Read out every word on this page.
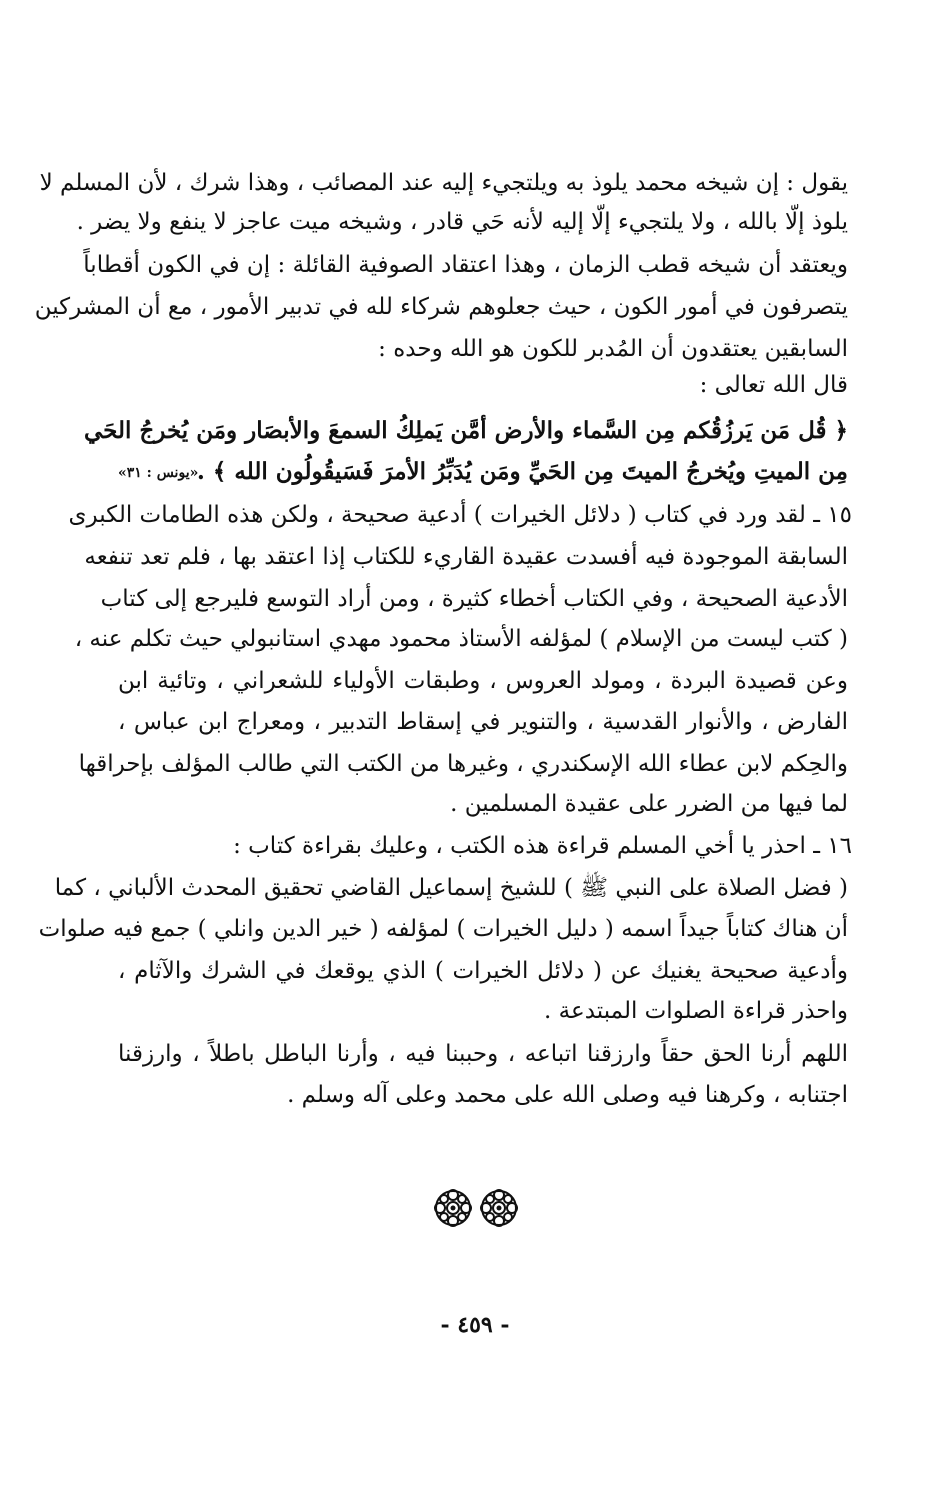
يقول : إن شيخه محمد يلوذ به ويلتجيء إليه عند المصائب ، وهذا شرك ، لأن المسلم لا
يلوذ إلّا بالله ، ولا يلتجيء إلّا إليه لأنه حَي قادر ، وشيخه ميت عاجز لا ينفع ولا يضر .
ويعتقد أن شيخه قطب الزمان ، وهذا اعتقاد الصوفية القائلة : إن في الكون أقطاباً
يتصرفون في أمور الكون ، حيث جعلوهم شركاء لله في تدبير الأمور ، مع أن المشركين
السابقين يعتقدون أن المُدبر للكون هو الله وحده :
قال الله تعالى :
﴿ قُل مَن يَرزُقُكم مِن السَّماء والأرض أمَّن يَملِكُ السمعَ والأبصَار ومَن يُخرجُ الحَي
مِن الميتِ ويُخرجُ الميتَ مِن الحَيِّ ومَن يُدَبِّرُ الأمرَ فَسَيقُولُون الله ﴾ .
«يونس : ٣١»
١٥ ـ لقد ورد في كتاب ( دلائل الخيرات ) أدعية صحيحة ، ولكن هذه الطامات الكبرى
السابقة الموجودة فيه أفسدت عقيدة القاريء للكتاب إذا اعتقد بها ، فلم تعد تنفعه
الأدعية الصحيحة ، وفي الكتاب أخطاء كثيرة ، ومن أراد التوسع فليرجع إلى كتاب
( كتب ليست من الإسلام ) لمؤلفه الأستاذ محمود مهدي استانبولي حيث تكلم عنه ،
وعن قصيدة البردة ، ومولد العروس ، وطبقات الأولياء للشعراني ، وتائية ابن
الفارض ، والأنوار القدسية ، والتنوير في إسقاط التدبير ، ومعراج ابن عباس ،
والحِكم لابن عطاء الله الإسكندري ، وغيرها من الكتب التي طالب المؤلف بإحراقها
لما فيها من الضرر على عقيدة المسلمين .
١٦ ـ احذر يا أخي المسلم قراءة هذه الكتب ، وعليك بقراءة كتاب :
( فضل الصلاة على النبي ﷺ ) للشيخ إسماعيل القاضي تحقيق المحدث الألباني ، كما
أن هناك كتاباً جيداً اسمه ( دليل الخيرات ) لمؤلفه ( خير الدين وانلي ) جمع فيه صلوات
وأدعية صحيحة يغنيك عن ( دلائل الخيرات ) الذي يوقعك في الشرك والآثام ،
واحذر قراءة الصلوات المبتدعة .
اللهم أرنا الحق حقاً وارزقنا اتباعه ، وحببنا فيه ، وأرنا الباطل باطلاً ، وارزقنا
اجتنابه ، وكرهنا فيه وصلى الله على محمد وعلى آله وسلم .
- ٤٥٩ -
